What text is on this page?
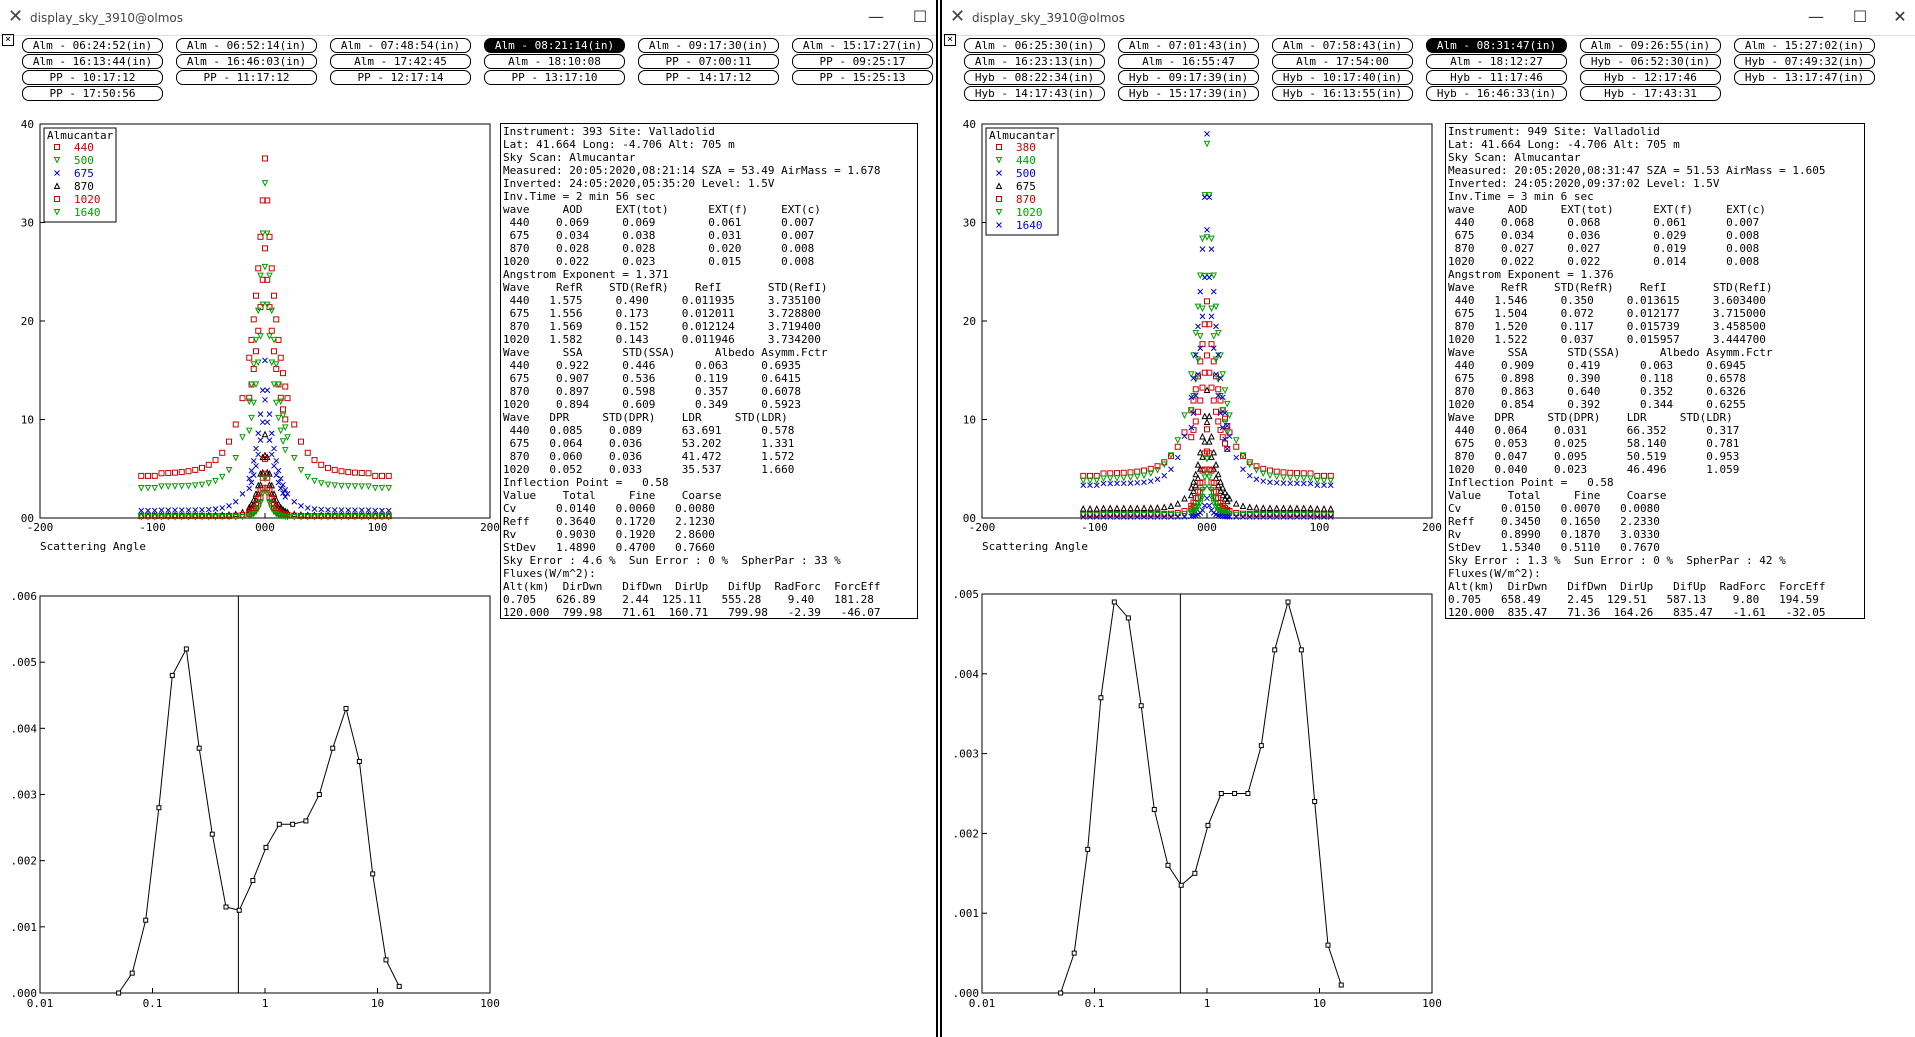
✕ display_sky_3910@olmos	—	☐
×	Alm - 06:24:52(in)	Alm - 06:52:14(in)	Alm - 07:48:54(in)	Alm - 08:21:14(in)	Alm - 09:17:30(in)	Alm - 15:17:27(in)
Alm - 16:13:44(in)	Alm - 16:46:03(in)	Alm - 17:42:45	Alm - 18:10:08	PP - 07:00:11	PP - 09:25:17
PP - 10:17:12	PP - 11:17:12	PP - 12:17:14	PP - 13:17:10	PP - 14:17:12	PP - 15:25:13
PP - 17:50:56
-200	-100	000	100	200
00
10
20
30
40
Scattering Angle
Almucantar
440
500
675
870
1020
1640
Instrument: 393 Site: Valladolid
Lat: 41.664 Long: -4.706 Alt: 705 m
Sky Scan: Almucantar
Measured: 20:05:2020,08:21:14 SZA = 53.49 AirMass = 1.678
Inverted: 24:05:2020,05:35:20 Level: 1.5V
Inv.Time = 2 min 56 sec
wave     AOD     EXT(tot)      EXT(f)     EXT(c)
440    0.069     0.069        0.061      0.007
675    0.034     0.038        0.031      0.007
870    0.028     0.028        0.020      0.008
1020    0.022     0.023        0.015      0.008
Angstrom Exponent = 1.371
Wave    RefR    STD(RefR)    RefI       STD(RefI)
440   1.575     0.490     0.011935     3.735100
675   1.556     0.173     0.012011     3.728800
870   1.569     0.152     0.012124     3.719400
1020   1.582     0.143     0.011946     3.734200
Wave     SSA      STD(SSA)      Albedo Asymm.Fctr
440    0.922     0.446      0.063     0.6935
675    0.907     0.536      0.119     0.6415
870    0.897     0.598      0.357     0.6078
1020    0.894     0.609      0.349     0.5923
Wave   DPR     STD(DPR)    LDR     STD(LDR)
440   0.085    0.089      63.691      0.578
675   0.064    0.036      53.202      1.331
870   0.060    0.036      41.472      1.572
1020   0.052    0.033      35.537      1.660
Inflection Point =   0.58
Value    Total     Fine    Coarse
Cv      0.0140   0.0060   0.0080
Reff    0.3640   0.1720   2.1230
Rv      0.9030   0.1920   2.8600
StDev   1.4890   0.4700   0.7660
Sky Error : 4.6 %  Sun Error : 0 %  SpherPar : 33 %
Fluxes(W/m^2):
Alt(km)  DirDwn   DifDwn  DirUp   DifUp  RadForc  ForcEff
0.705   626.89    2.44  125.11   555.28    9.40   181.28
120.000  799.98   71.61  160.71   799.98   -2.39   -46.07
0.01	0.1	1	10	100
.000
.001
.002
.003
.004
.005
.006
✕ display_sky_3910@olmos	—	☐	✕
×	Alm - 06:25:30(in)	Alm - 07:01:43(in)	Alm - 07:58:43(in)	Alm - 08:31:47(in)	Alm - 09:26:55(in)	Alm - 15:27:02(in)
Alm - 16:23:13(in)	Alm - 16:55:47	Alm - 17:54:00	Alm - 18:12:27	Hyb - 06:52:30(in)	Hyb - 07:49:32(in)
Hyb - 08:22:34(in)	Hyb - 09:17:39(in)	Hyb - 10:17:40(in)	Hyb - 11:17:46	Hyb - 12:17:46	Hyb - 13:17:47(in)
Hyb - 14:17:43(in)	Hyb - 15:17:39(in)	Hyb - 16:13:55(in)	Hyb - 16:46:33(in)	Hyb - 17:43:31
-200	-100	000	100	200
00
10
20
30
40
Scattering Angle
Almucantar
380
440
500
675
870
1020
1640
Instrument: 949 Site: Valladolid
Lat: 41.664 Long: -4.706 Alt: 705 m
Sky Scan: Almucantar
Measured: 20:05:2020,08:31:47 SZA = 51.53 AirMass = 1.605
Inverted: 24:05:2020,09:37:02 Level: 1.5V
Inv.Time = 3 min 6 sec
wave     AOD     EXT(tot)      EXT(f)     EXT(c)
440    0.068     0.068        0.061      0.007
675    0.034     0.036        0.029      0.008
870    0.027     0.027        0.019      0.008
1020    0.022     0.022        0.014      0.008
Angstrom Exponent = 1.376
Wave    RefR    STD(RefR)    RefI       STD(RefI)
440   1.546     0.350     0.013615     3.603400
675   1.504     0.072     0.012177     3.715000
870   1.520     0.117     0.015739     3.458500
1020   1.522     0.037     0.015957     3.444700
Wave     SSA      STD(SSA)      Albedo Asymm.Fctr
440    0.909     0.419      0.063     0.6945
675    0.898     0.390      0.118     0.6578
870    0.863     0.640      0.352     0.6326
1020    0.854     0.392      0.344     0.6255
Wave   DPR     STD(DPR)    LDR     STD(LDR)
440   0.064    0.031      66.352      0.317
675   0.053    0.025      58.140      0.781
870   0.047    0.095      50.519      0.953
1020   0.040    0.023      46.496      1.059
Inflection Point =   0.58
Value    Total     Fine    Coarse
Cv      0.0150   0.0070   0.0080
Reff    0.3450   0.1650   2.2330
Rv      0.8990   0.1870   3.0330
StDev   1.5340   0.5110   0.7670
Sky Error : 1.3 %  Sun Error : 0 %  SpherPar : 42 %
Fluxes(W/m^2):
Alt(km)  DirDwn   DifDwn  DirUp   DifUp  RadForc  ForcEff
0.705   658.49    2.45  129.51   587.13    9.80   194.59
120.000  835.47   71.36  164.26   835.47   -1.61   -32.05
0.01	0.1	1	10	100
.000
.001
.002
.003
.004
.005
